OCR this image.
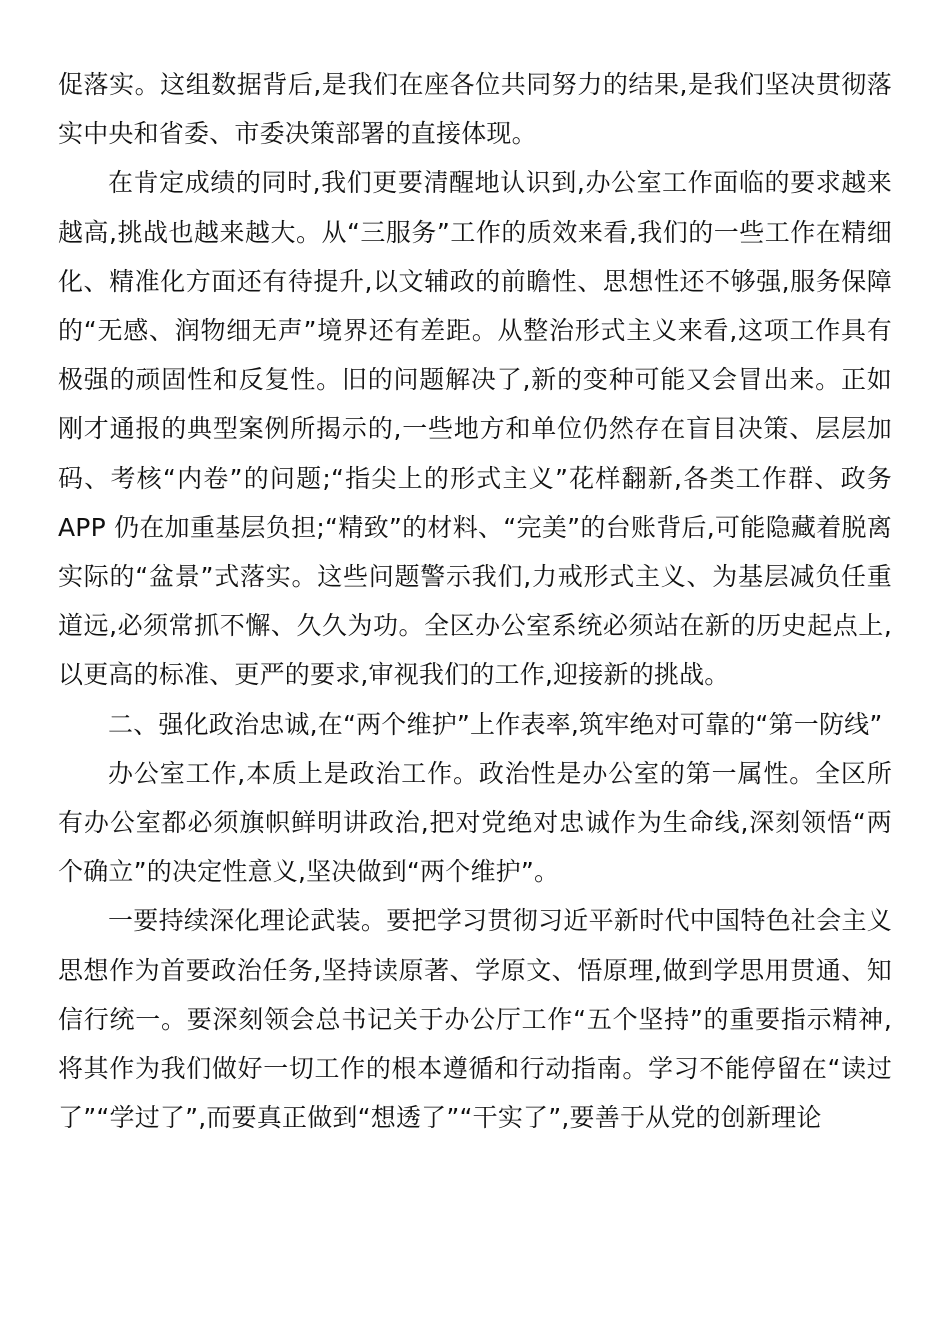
促落实。这组数据背后,是我们在座各位共同努力的结果,是我们坚决贯彻落实中央和省委、市委决策部署的直接体现。

在肯定成绩的同时,我们更要清醒地认识到,办公室工作面临的要求越来越高,挑战也越来越大。从“三服务”工作的质效来看,我们的一些工作在精细化、精准化方面还有待提升,以文辅政的前瞻性、思想性还不够强,服务保障的“无感、润物细无声”境界还有差距。从整治形式主义来看,这项工作具有极强的顽固性和反复性。旧的问题解决了,新的变种可能又会冒出来。正如刚才通报的典型案例所揭示的,一些地方和单位仍然存在盲目决策、层层加码、考核“内卷”的问题;“指尖上的形式主义”花样翻新,各类工作群、政务 APP 仍在加重基层负担;“精致”的材料、“完美”的台账背后,可能隐藏着脱离实际的“盆景”式落实。这些问题警示我们,力戒形式主义、为基层减负任重道远,必须常抓不懈、久久为功。全区办公室系统必须站在新的历史起点上,以更高的标准、更严的要求,审视我们的工作,迎接新的挑战。

二、强化政治忠诚,在“两个维护”上作表率,筑牢绝对可靠的“第一防线”

办公室工作,本质上是政治工作。政治性是办公室的第一属性。全区所有办公室都必须旗帜鲜明讲政治,把对党绝对忠诚作为生命线,深刻领悟“两个确立”的决定性意义,坚决做到“两个维护”。

一要持续深化理论武装。要把学习贯彻习近平新时代中国特色社会主义思想作为首要政治任务,坚持读原著、学原文、悟原理,做到学思用贯通、知信行统一。要深刻领会总书记关于办公厅工作“五个坚持”的重要指示精神,将其作为我们做好一切工作的根本遵循和行动指南。学习不能停留在“读过了”“学过了”,而要真正做到“想透了”“干实了”,要善于从党的创新理论
